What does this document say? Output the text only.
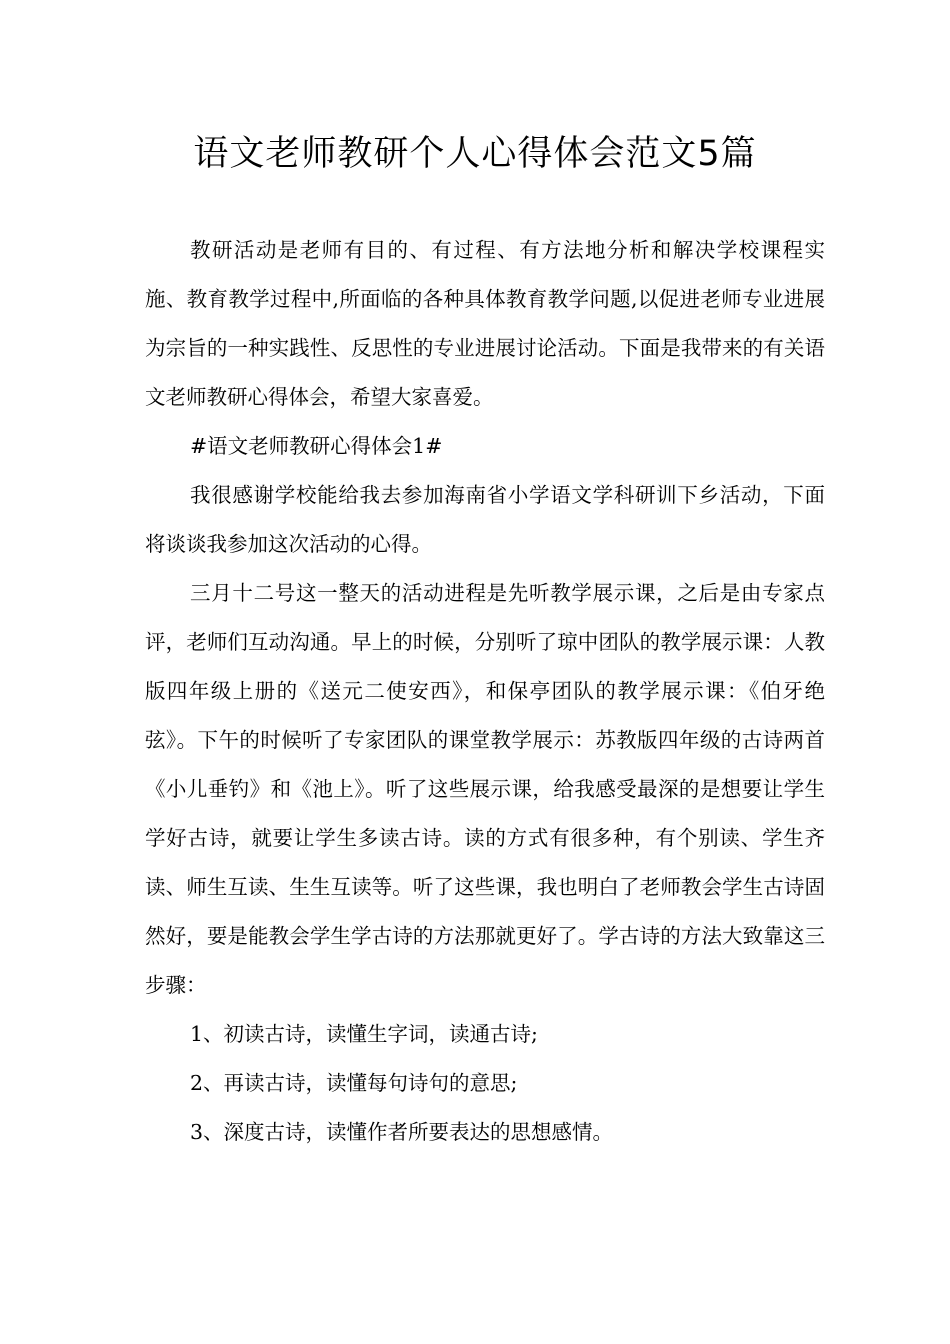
语文老师教研个人心得体会范文5篇

教研活动是老师有目的、有过程、有方法地分析和解决学校课程实施、教育教学过程中,所面临的各种具体教育教学问题,以促进老师专业进展为宗旨的一种实践性、反思性的专业进展讨论活动。下面是我带来的有关语文老师教研心得体会，希望大家喜爱。

#语文老师教研心得体会1#

我很感谢学校能给我去参加海南省小学语文学科研训下乡活动，下面将谈谈我参加这次活动的心得。

三月十二号这一整天的活动进程是先听教学展示课，之后是由专家点评，老师们互动沟通。早上的时候，分别听了琼中团队的教学展示课：人教版四年级上册的《送元二使安西》，和保亭团队的教学展示课：《伯牙绝弦》。下午的时候听了专家团队的课堂教学展示：苏教版四年级的古诗两首《小儿垂钓》和《池上》。听了这些展示课，给我感受最深的是想要让学生学好古诗，就要让学生多读古诗。读的方式有很多种，有个别读、学生齐读、师生互读、生生互读等。听了这些课，我也明白了老师教会学生古诗固然好，要是能教会学生学古诗的方法那就更好了。学古诗的方法大致靠这三步骤：

1、初读古诗，读懂生字词，读通古诗;

2、再读古诗，读懂每句诗句的意思;

3、深度古诗，读懂作者所要表达的思想感情。
